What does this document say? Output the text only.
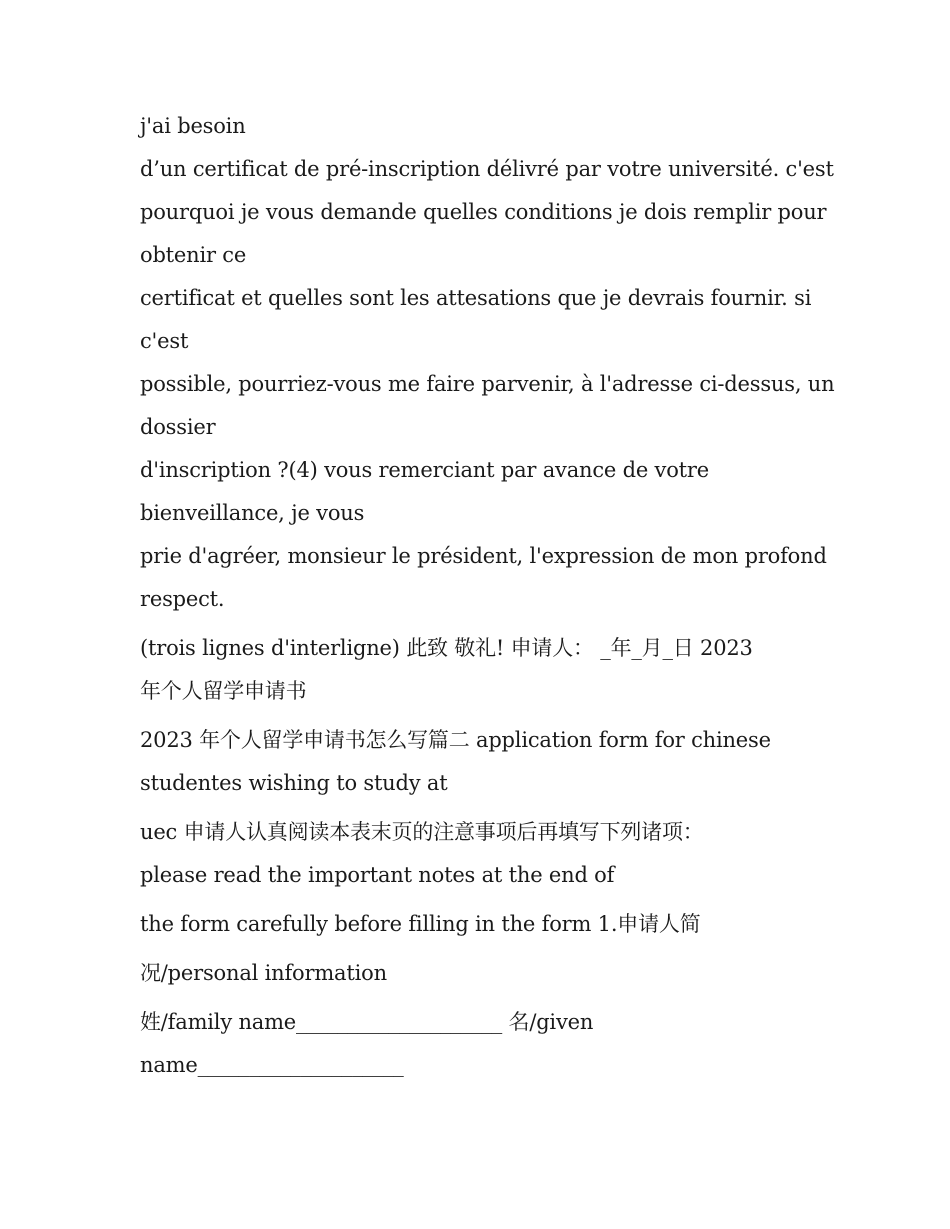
j'ai besoin
d’un certificat de pré-inscription délivré par votre université. c'est
pourquoi je vous demande quelles conditions je dois remplir pour
obtenir ce
certificat et quelles sont les attesations que je devrais fournir. si
c'est
possible, pourriez-vous me faire parvenir, à l'adresse ci-dessus, un
dossier
d'inscription ?(4) vous remerciant par avance de votre
bienveillance, je vous
prie d'agréer, monsieur le président, l'expression de mon profond
respect.

(trois lignes d'interligne) 此致 敬礼! 申请人： _年_月_日 2023
年个人留学申请书

2023 年个人留学申请书怎么写篇二 application form for chinese
studentes wishing to study at

uec 申请人认真阅读本表末页的注意事项后再填写下列诸项：
please read the important notes at the end of

the form carefully before filling in the form 1.申请人简

况/personal information

姓/family name____________________ 名/given
name____________________
